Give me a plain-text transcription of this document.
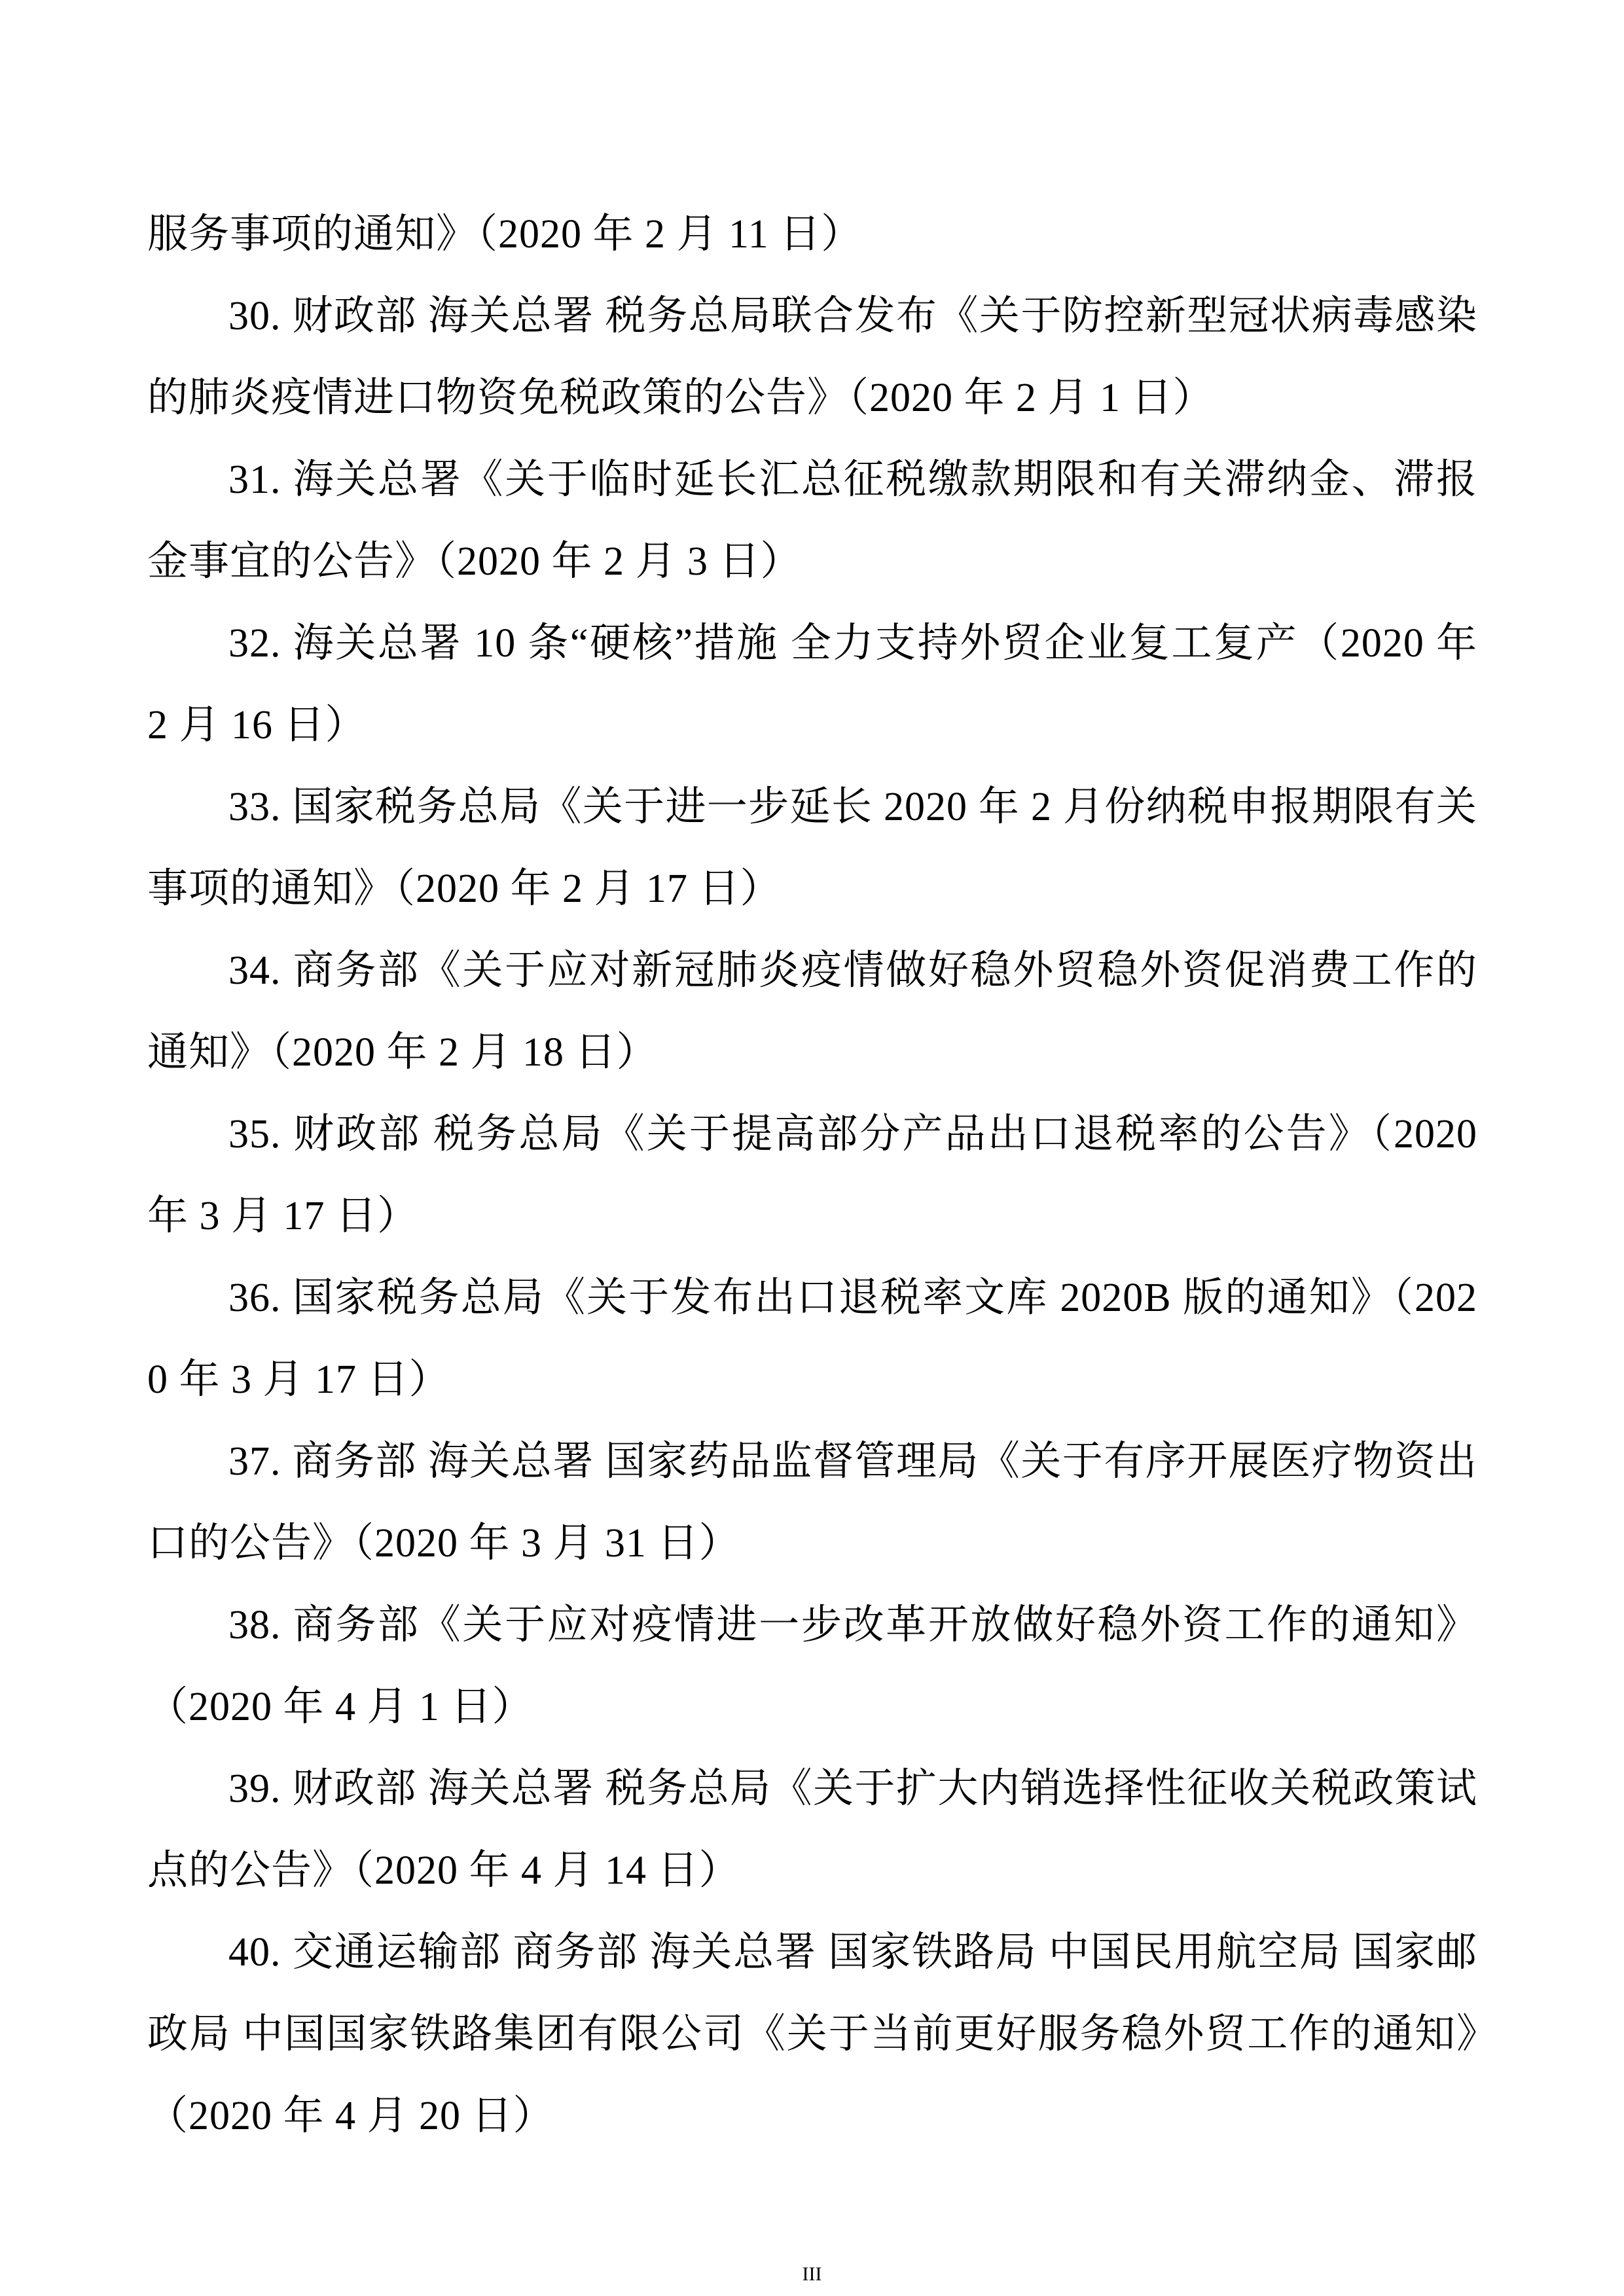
服务事项的通知》（2020 年 2 月 11 日）

30. 财政部 海关总署 税务总局联合发布《关于防控新型冠状病毒感染的肺炎疫情进口物资免税政策的公告》（2020 年 2 月 1 日）

31. 海关总署《关于临时延长汇总征税缴款期限和有关滞纳金、滞报金事宜的公告》（2020 年 2 月 3 日）

32. 海关总署 10 条“硬核”措施 全力支持外贸企业复工复产（2020 年 2 月 16 日）

33. 国家税务总局《关于进一步延长 2020 年 2 月份纳税申报期限有关事项的通知》（2020 年 2 月 17 日）

34. 商务部《关于应对新冠肺炎疫情做好稳外贸稳外资促消费工作的通知》（2020 年 2 月 18 日）

35. 财政部 税务总局《关于提高部分产品出口退税率的公告》（2020 年 3 月 17 日）

36. 国家税务总局《关于发布出口退税率文库 2020B 版的通知》（2020 年 3 月 17 日）

37. 商务部 海关总署 国家药品监督管理局《关于有序开展医疗物资出口的公告》（2020 年 3 月 31 日）

38. 商务部《关于应对疫情进一步改革开放做好稳外资工作的通知》（2020 年 4 月 1 日）

39. 财政部 海关总署 税务总局《关于扩大内销选择性征收关税政策试点的公告》（2020 年 4 月 14 日）

40. 交通运输部 商务部 海关总署 国家铁路局 中国民用航空局 国家邮政局 中国国家铁路集团有限公司《关于当前更好服务稳外贸工作的通知》（2020 年 4 月 20 日）

III
